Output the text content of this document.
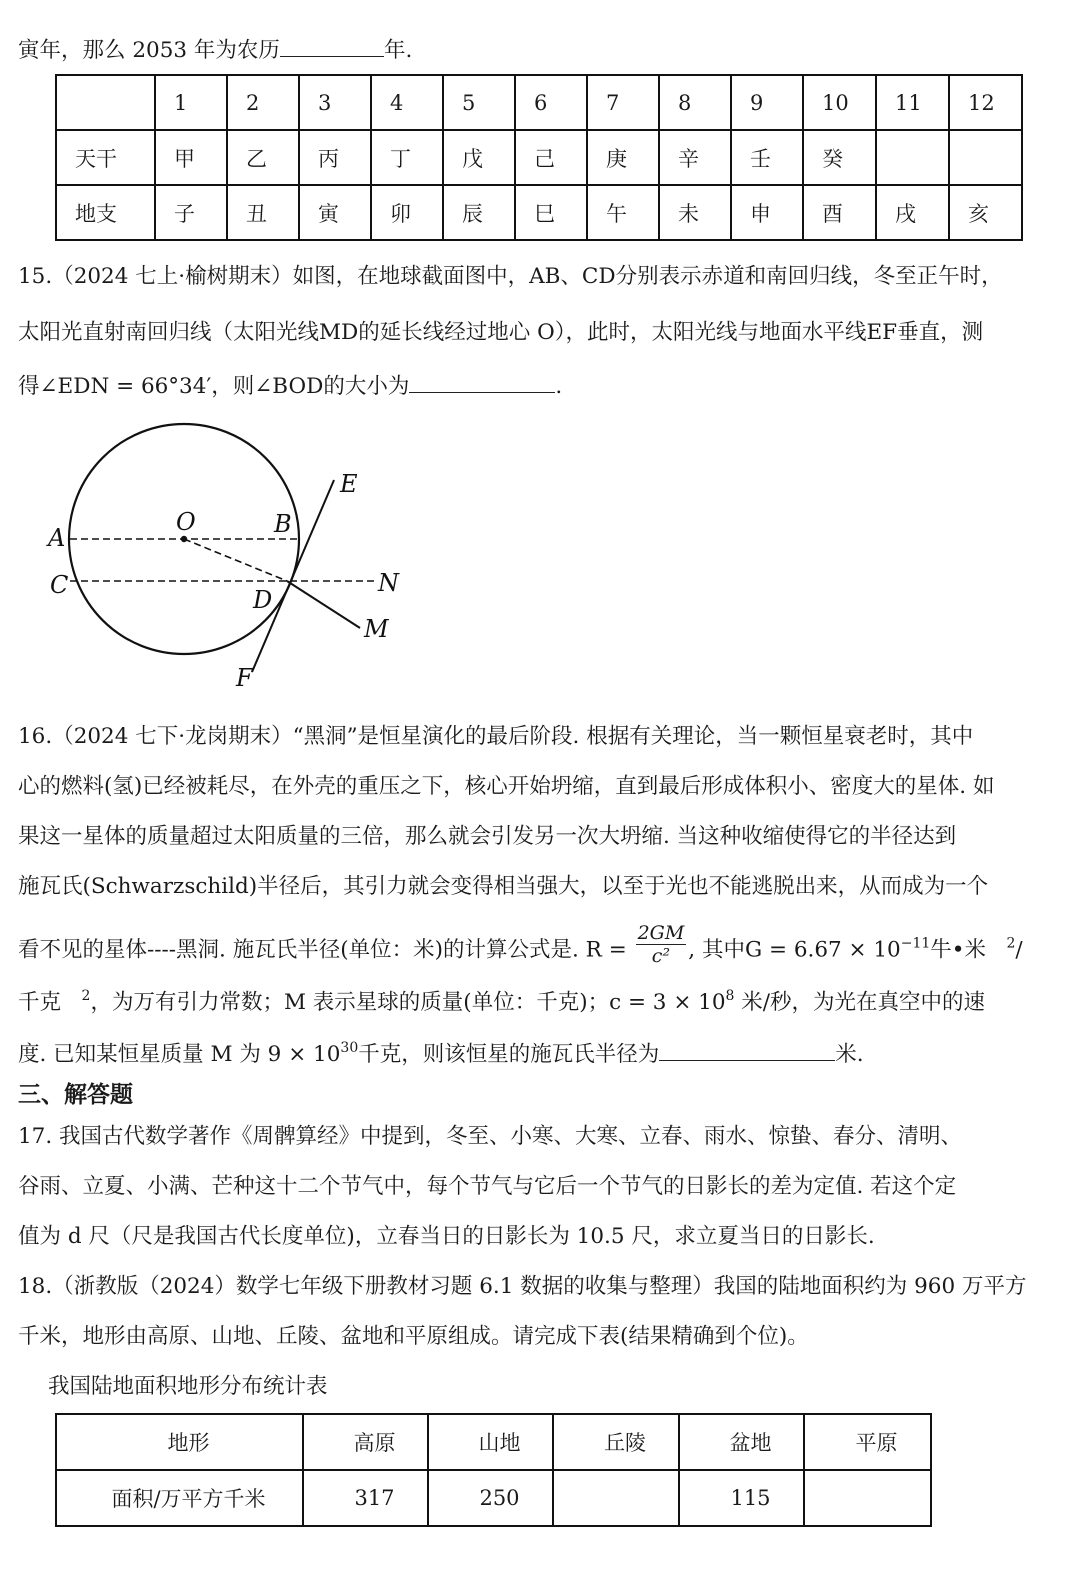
寅年，那么 2053 年为农历	年.
	1	2	3	4	5	6	7	8	9	10	11	12
天干	甲	乙	丙	丁	戊	己	庚	辛	壬	癸		
地支	子	丑	寅	卯	辰	巳	午	未	申	酉	戌	亥
15.（2024 七上·榆树期末）如图，在地球截面图中，AB、CD分别表示赤道和南回归线，冬至正午时，
太阳光直射南回归线（太阳光线MD的延长线经过地心 O），此时，太阳光线与地面水平线EF垂直，测
得∠EDN = 66°34′，则∠BOD的大小为	.
O
A	B
C
D
N
E
M
F
16.（2024 七下·龙岗期末）“黑洞”是恒星演化的最后阶段. 根据有关理论，当一颗恒星衰老时，其中
心的燃料(氢)已经被耗尽，在外壳的重压之下，核心开始坍缩，直到最后形成体积小、密度大的星体. 如
果这一星体的质量超过太阳质量的三倍，那么就会引发另一次大坍缩. 当这种收缩使得它的半径达到
施瓦氏(Schwarzschild)半径后，其引力就会变得相当强大，以至于光也不能逃脱出来，从而成为一个
看不见的星体----黑洞. 施瓦氏半径(单位：米)的计算公式是. $R = \frac{2GM}{\text{c²}}$ , 其中$G = 6.67 \times 10^{-11}$牛•米 $^2$/
千克 $^2$，为万有引力常数；M 表示星球的质量(单位：千克)；$c = 3 \times 10^8$ 米/秒，为光在真空中的速
度. 已知某恒星质量 M 为 $9 \times 10^{30}$千克，则该恒星的施瓦氏半径为	米.
三、解答题
17. 我国古代数学著作《周髀算经》中提到，冬至、小寒、大寒、立春、雨水、惊蛰、春分、清明、
谷雨、立夏、小满、芒种这十二个节气中，每个节气与它后一个节气的日影长的差为定值. 若这个定
值为 d 尺（尺是我国古代长度单位)，立春当日的日影长为 10.5 尺，求立夏当日的日影长.
18.（浙教版（2024）数学七年级下册教材习题 6.1 数据的收集与整理）我国的陆地面积约为 960 万平方
千米，地形由高原、山地、丘陵、盆地和平原组成。请完成下表(结果精确到个位)。
我国陆地面积地形分布统计表
地形	高原	山地	丘陵	盆地	平原
面积/万平方千米	317	250		115	
